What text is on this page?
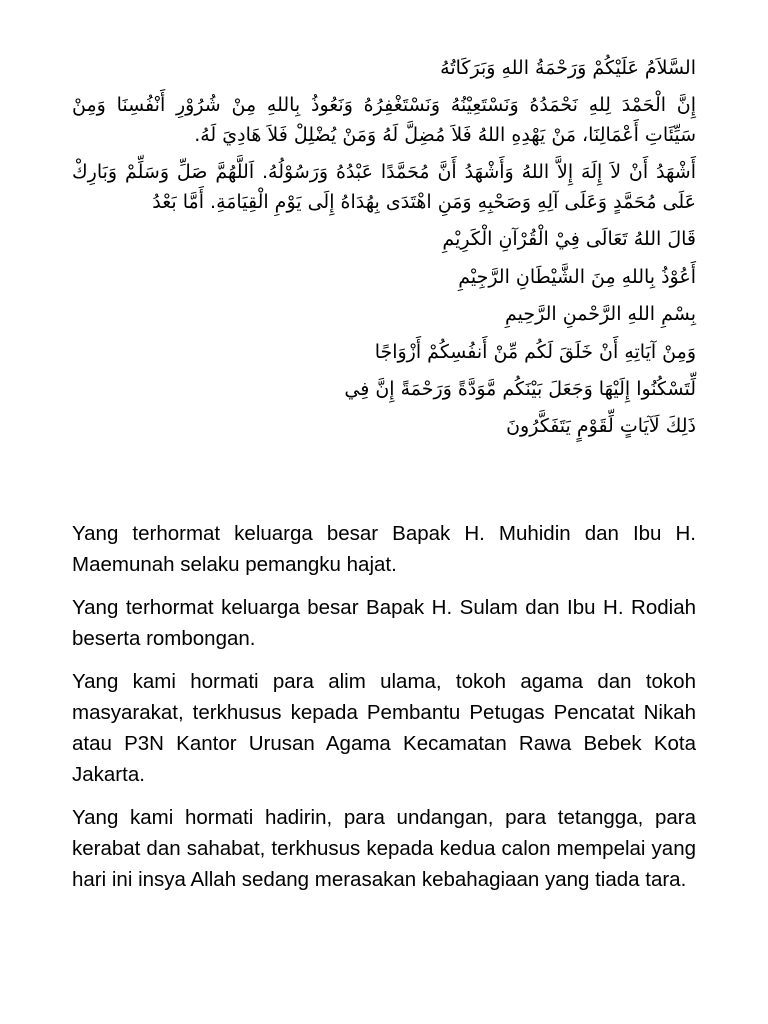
السَّلاَمُ عَلَيْكُمْ وَرَحْمَةُ اللهِ وَبَرَكَاتُهُ

إِنَّ الْحَمْدَ لِلهِ نَحْمَدُهُ وَنَسْتَعِيْنُهُ وَنَسْتَغْفِرُهُ وَنَعُوذُ بِاللهِ مِنْ شُرُوْرِ أَنْفُسِنَا وَمِنْ سَيِّئَاتِ أَعْمَالِنَا، مَنْ يَهْدِهِ اللهُ فَلاَ مُضِلَّ لَهُ وَمَنْ يُضْلِلْ فَلاَ هَادِيَ لَهُ.

أَشْهَدُ أَنْ لاَ إِلَهَ إِلاَّ اللهُ وَأَشْهَدُ أَنَّ مُحَمَّدًا عَبْدُهُ وَرَسُوْلُهُ. اَللَّهُمَّ صَلِّ وَسَلِّمْ وَبَارِكْ عَلَى مُحَمَّدٍ وَعَلَى آلِهِ وَصَحْبِهِ وَمَنِ اهْتَدَى بِهُدَاهُ إِلَى يَوْمِ الْقِيَامَةِ. أَمَّا بَعْدُ

قَالَ اللهُ تَعَالَى فِيْ الْقُرْآنِ الْكَرِيْمِ

أَعُوْذُ بِاللهِ مِنَ الشَّيْطَانِ الرَّجِيْمِ

بِسْمِ اللهِ الرَّحْمنِ الرَّحِيمِ

وَمِنْ آيَاتِهِ أَنْ خَلَقَ لَكُم مِّنْ أَنفُسِكُمْ أَزْوَاجًا

لِّتَسْكُنُوا إِلَيْهَا وَجَعَلَ بَيْنَكُم مَّوَدَّةً وَرَحْمَةً إِنَّ فِي

ذَلِكَ لَآيَاتٍ لِّقَوْمٍ يَتَفَكَّرُونَ

Yang terhormat keluarga besar Bapak H. Muhidin dan Ibu H. Maemunah selaku pemangku hajat.

Yang terhormat keluarga besar Bapak H. Sulam dan Ibu H. Rodiah beserta rombongan.

Yang kami hormati para alim ulama, tokoh agama dan tokoh masyarakat, terkhusus kepada Pembantu Petugas Pencatat Nikah atau P3N Kantor Urusan Agama Kecamatan Rawa Bebek Kota Jakarta.

Yang kami hormati hadirin, para undangan, para tetangga, para kerabat dan sahabat, terkhusus kepada kedua calon mempelai yang hari ini insya Allah sedang merasakan kebahagiaan yang tiada tara.
